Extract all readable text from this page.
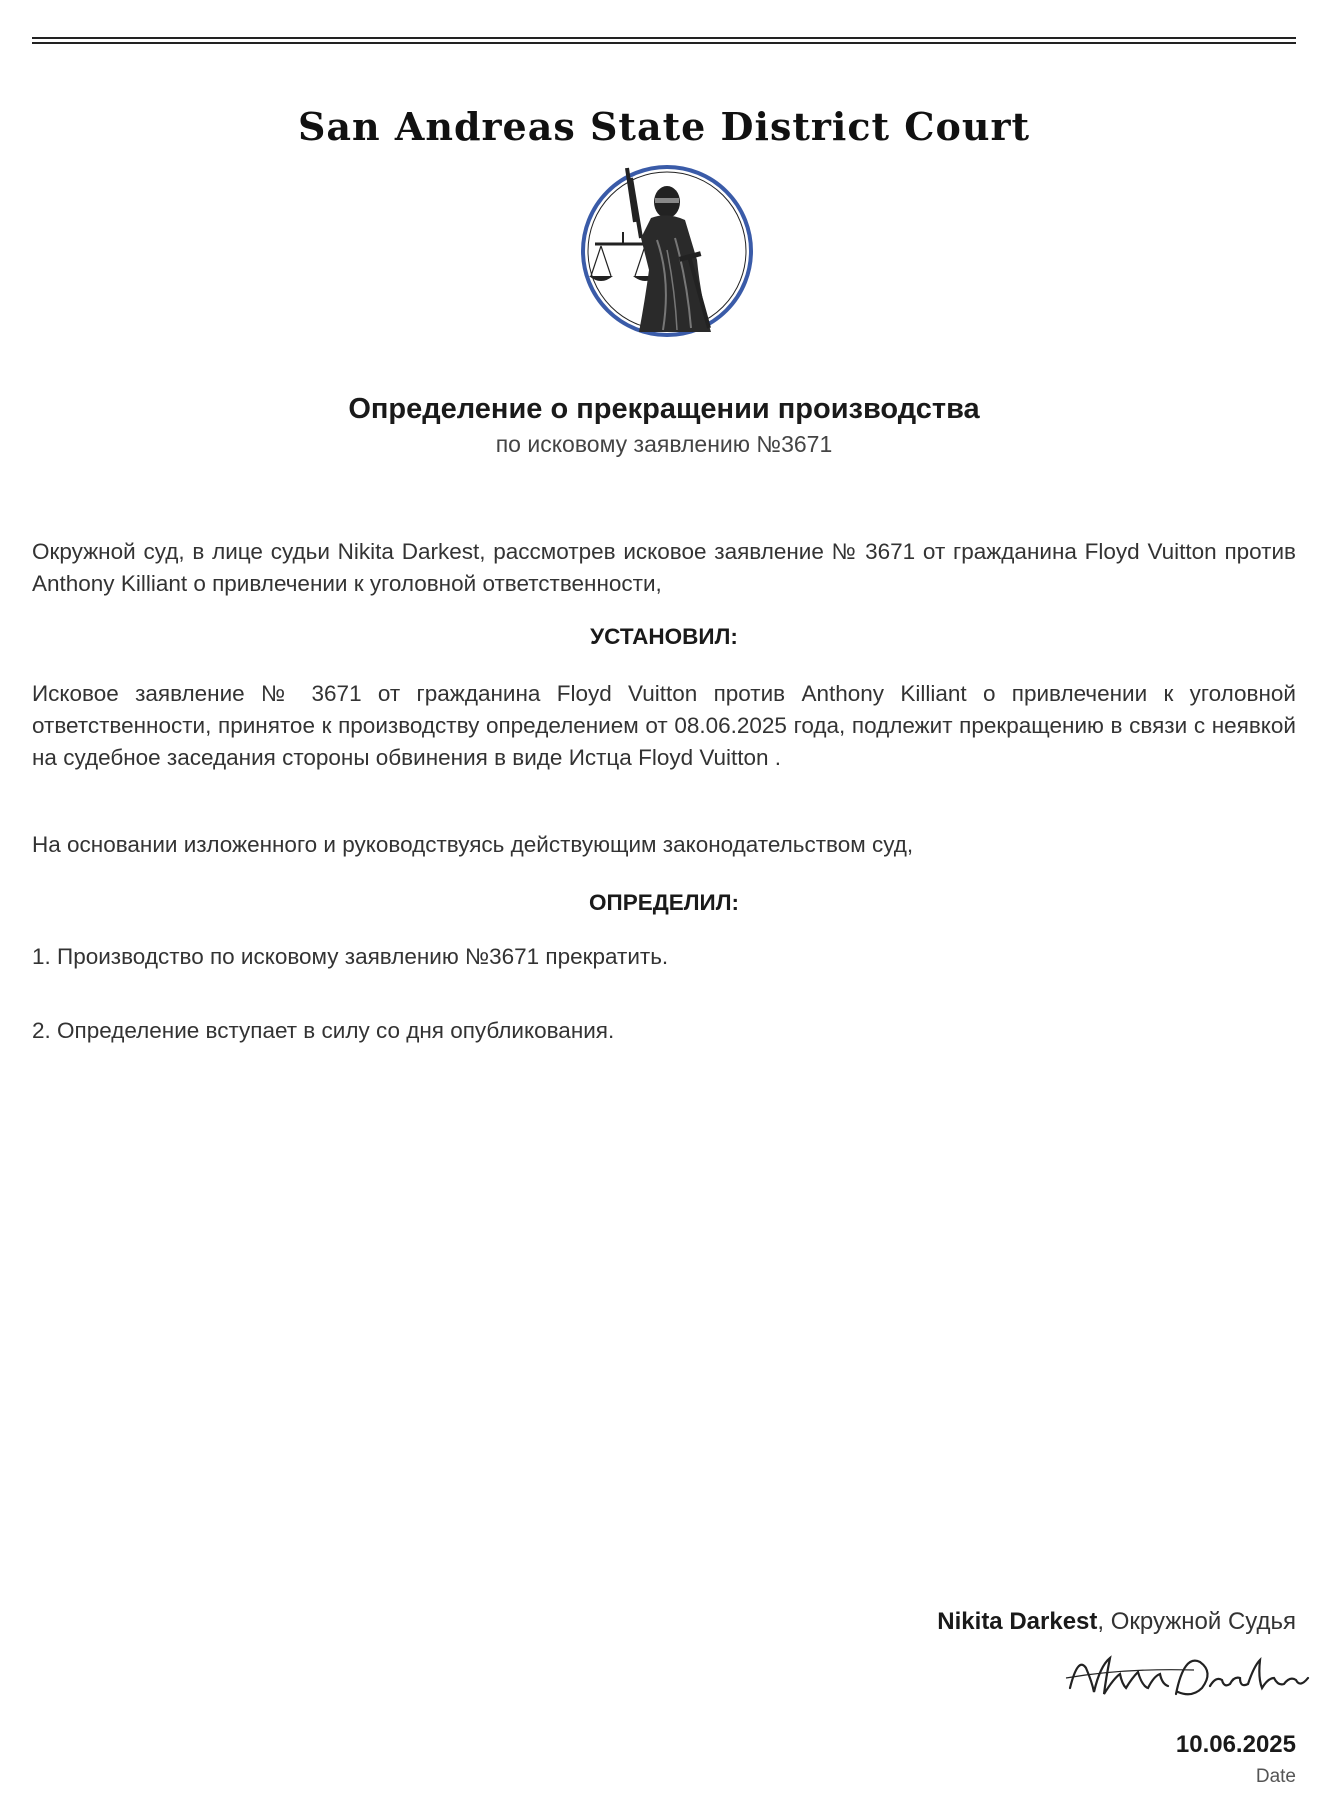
San Andreas State District Court
Определение о прекращении производства
по исковому заявлению №3671
Окружной суд, в лице судьи Nikita Darkest, рассмотрев исковое заявление № 3671 от гражданина Floyd Vuitton против Anthony Killiant о привлечении к уголовной ответственности,
УСТАНОВИЛ:
Исковое заявление № 3671 от гражданина Floyd Vuitton против Anthony Killiant о привлечении к уголовной ответственности, принятое к производству определением от 08.06.2025 года, подлежит прекращению в связи с неявкой на судебное заседания стороны обвинения в виде Истца Floyd Vuitton .
На основании изложенного и руководствуясь действующим законодательством суд,
ОПРЕДЕЛИЛ:
1. Производство по исковому заявлению №3671 прекратить.
2. Определение вступает в силу со дня опубликования.
Nikita Darkest, Окружной Судья
10.06.2025
Date
